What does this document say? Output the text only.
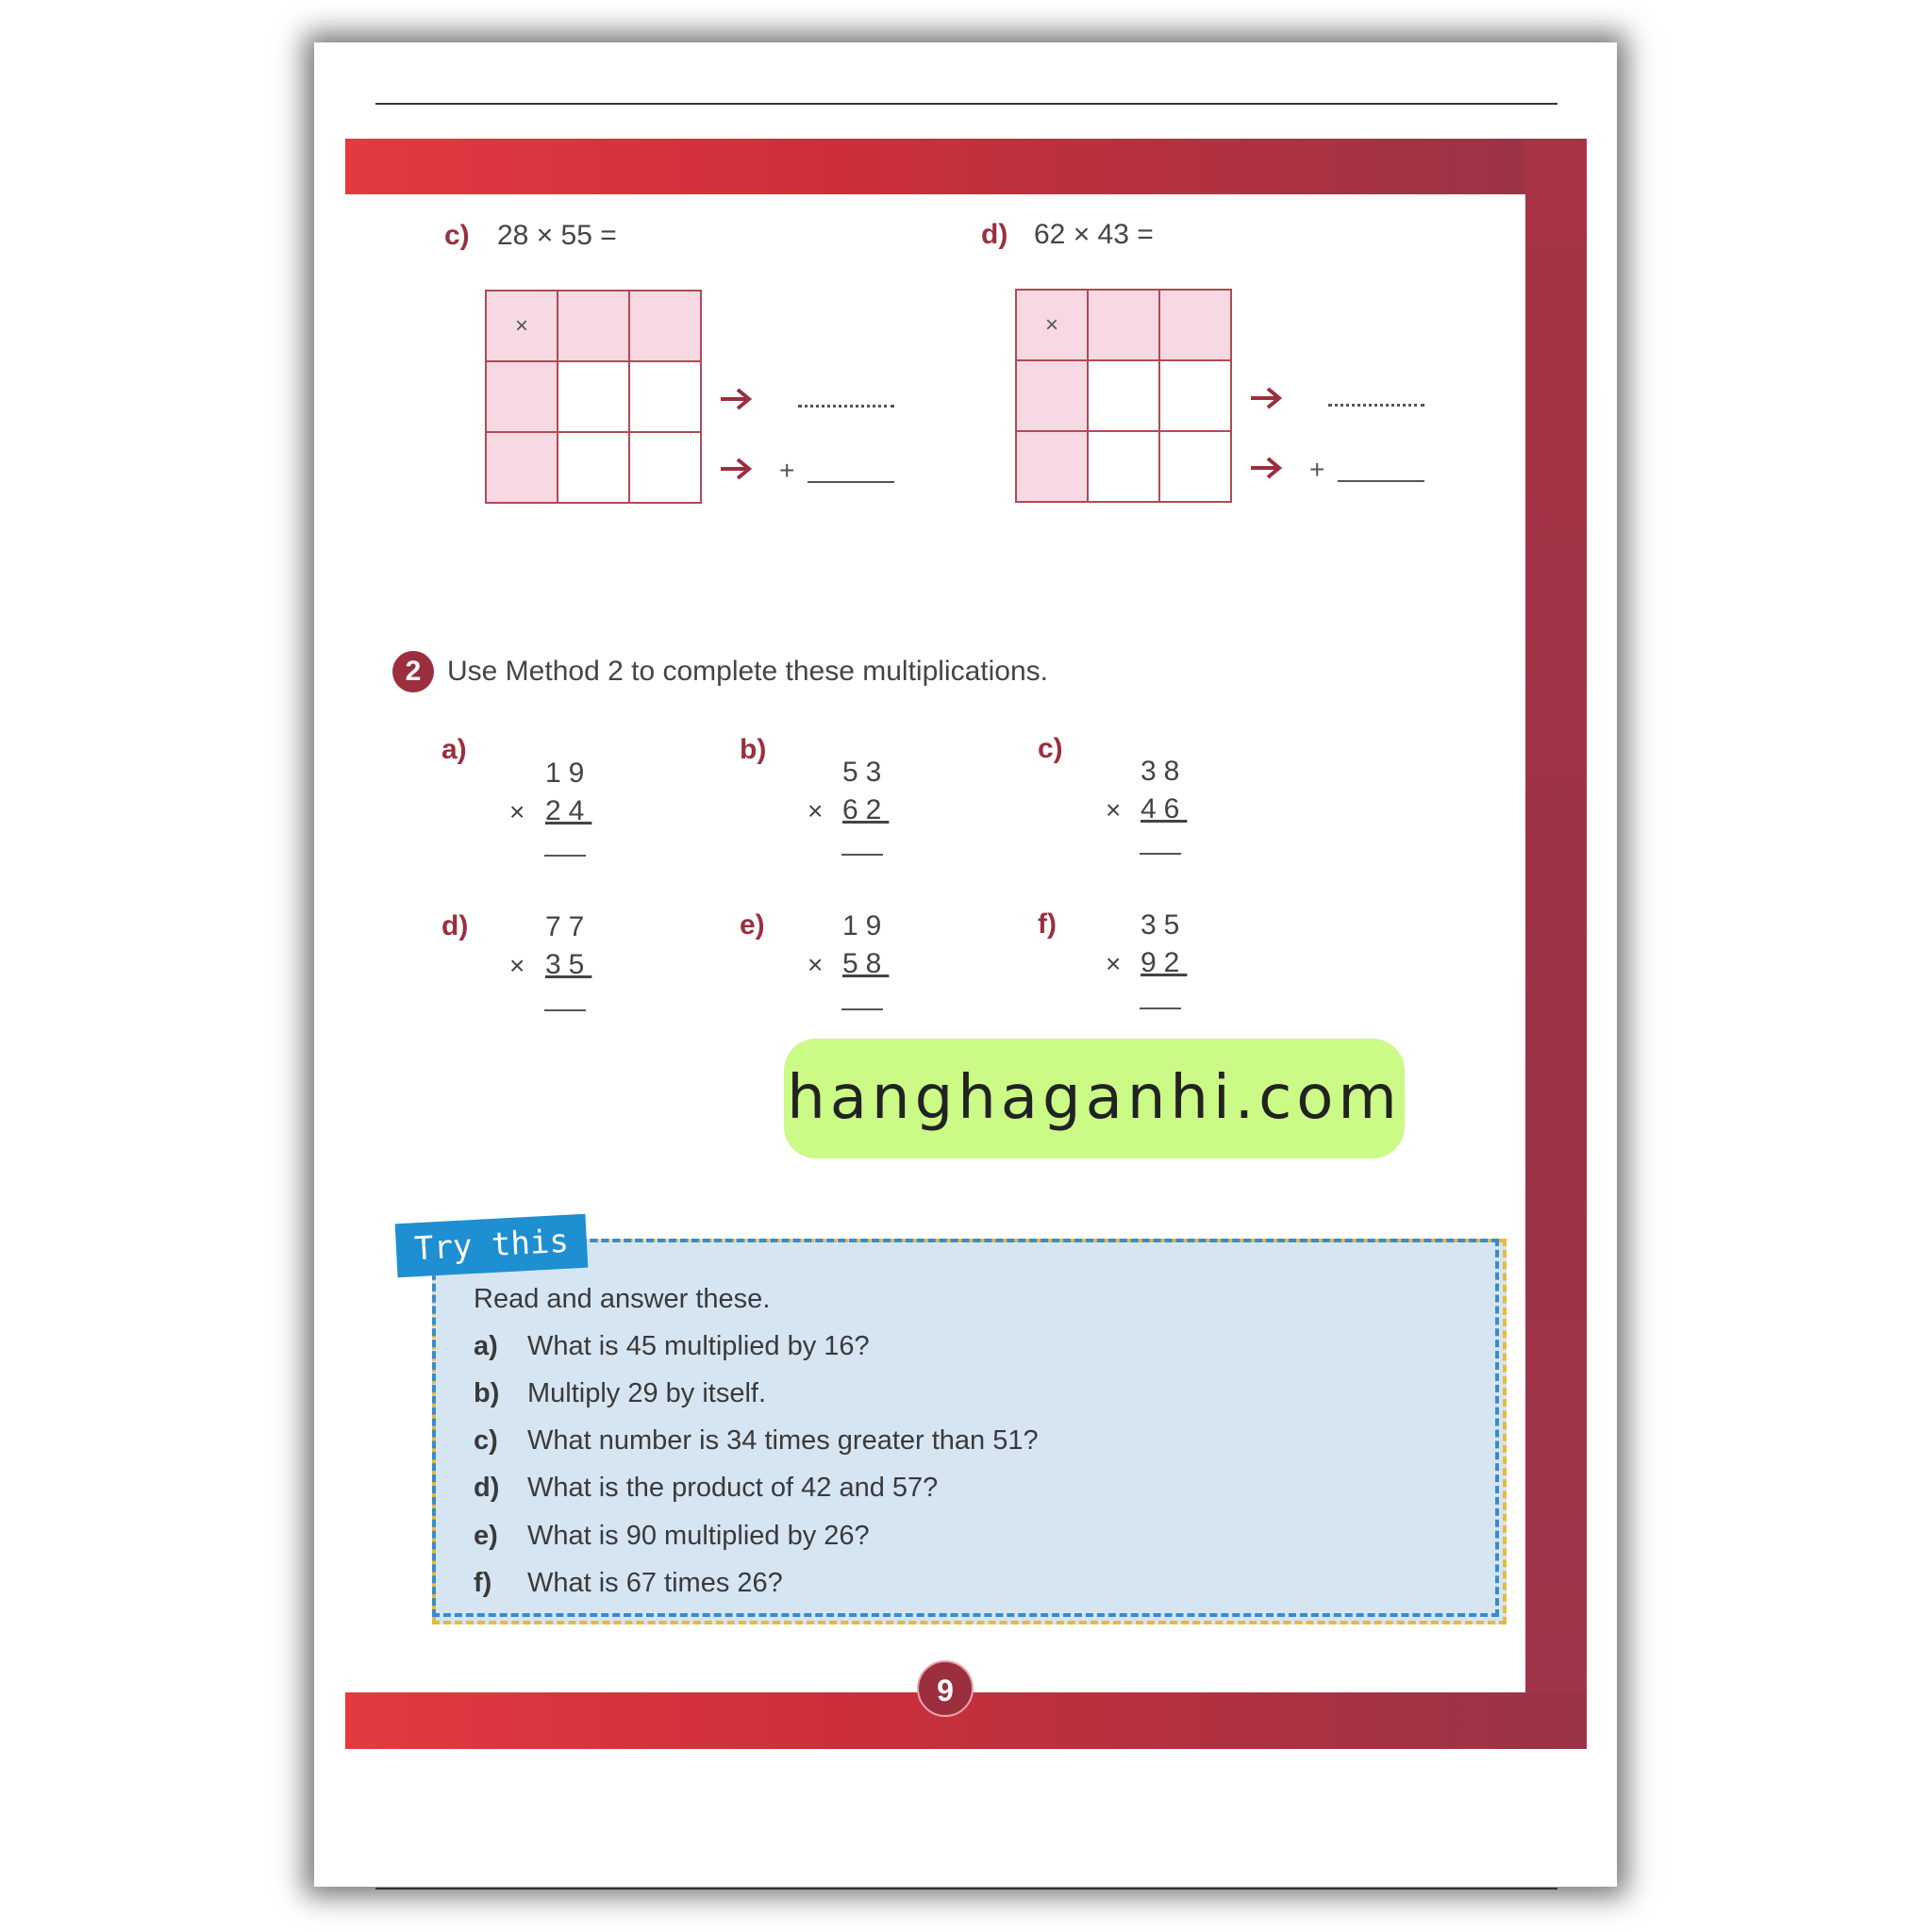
c) 28 × 55 =
×		

+
d) 62 × 43 =
×		

+
2 Use Method 2 to complete these multiplications.
a)
19
× 24
b)
53
× 62
c)
38
× 46
d)	77
× 35
e)	19
× 58
f)	35
× 92
hanghaganhi.com
Try this
Read and answer these.
a) What is 45 multiplied by 16?
b) Multiply 29 by itself.
c) What number is 34 times greater than 51?
d) What is the product of 42 and 57?
e) What is 90 multiplied by 26?
f) What is 67 times 26?
9
